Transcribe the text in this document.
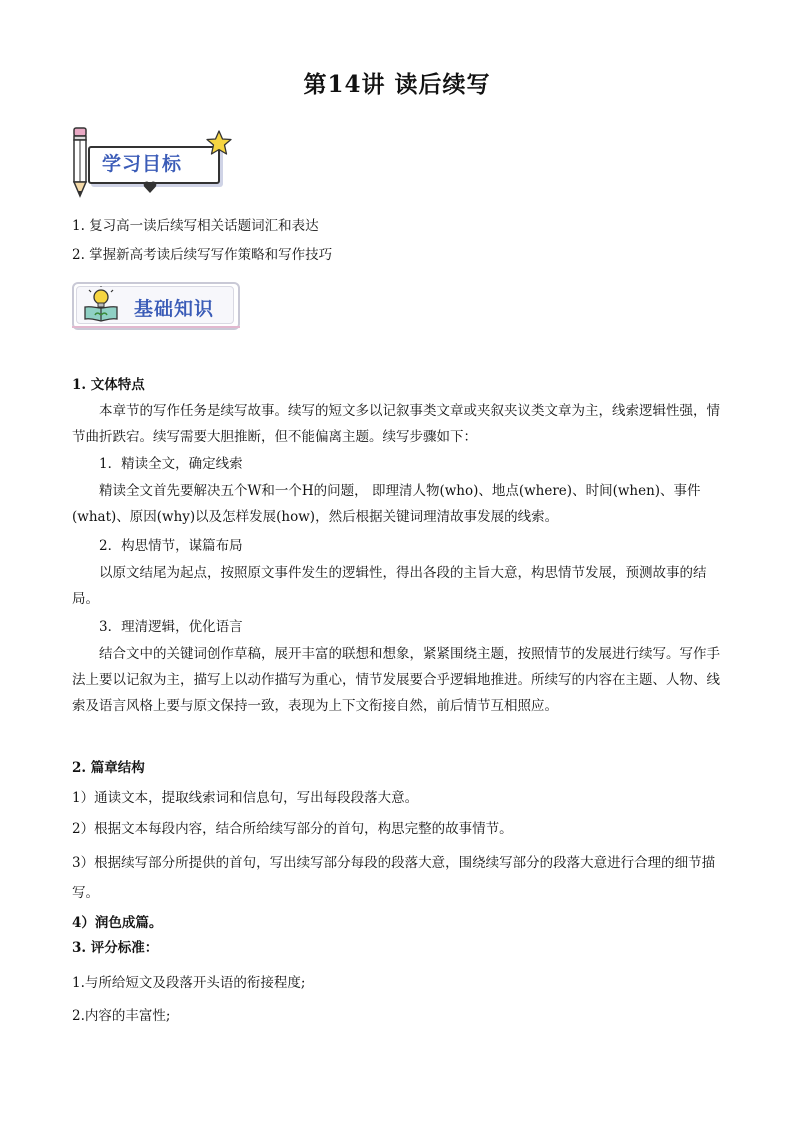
第14讲 读后续写
学习目标
1. 复习高一读后续写相关话题词汇和表达
2. 掌握新高考读后续写写作策略和写作技巧
基础知识
1. 文体特点
本章节的写作任务是续写故事。续写的短文多以记叙事类文章或夹叙夹议类文章为主，线索逻辑性强，情节曲折跌宕。续写需要大胆推断，但不能偏离主题。续写步骤如下：
1．精读全文，确定线索
精读全文首先要解决五个W和一个H的问题， 即理清人物(who)、地点(where)、时间(when)、事件(what)、原因(why)以及怎样发展(how)，然后根据关键词理清故事发展的线索。
2．构思情节，谋篇布局
以原文结尾为起点，按照原文事件发生的逻辑性，得出各段的主旨大意，构思情节发展，预测故事的结局。
3．理清逻辑，优化语言
结合文中的关键词创作草稿，展开丰富的联想和想象，紧紧围绕主题，按照情节的发展进行续写。写作手法上要以记叙为主，描写上以动作描写为重心，情节发展要合乎逻辑地推进。所续写的内容在主题、人物、线索及语言风格上要与原文保持一致，表现为上下文衔接自然，前后情节互相照应。
2. 篇章结构
1）通读文本，提取线索词和信息句，写出每段段落大意。
2）根据文本每段内容，结合所给续写部分的首句，构思完整的故事情节。
3）根据续写部分所提供的首句，写出续写部分每段的段落大意，围绕续写部分的段落大意进行合理的细节描写。
4）润色成篇。
3. 评分标准：
1.与所给短文及段落开头语的衔接程度;
2.内容的丰富性;
